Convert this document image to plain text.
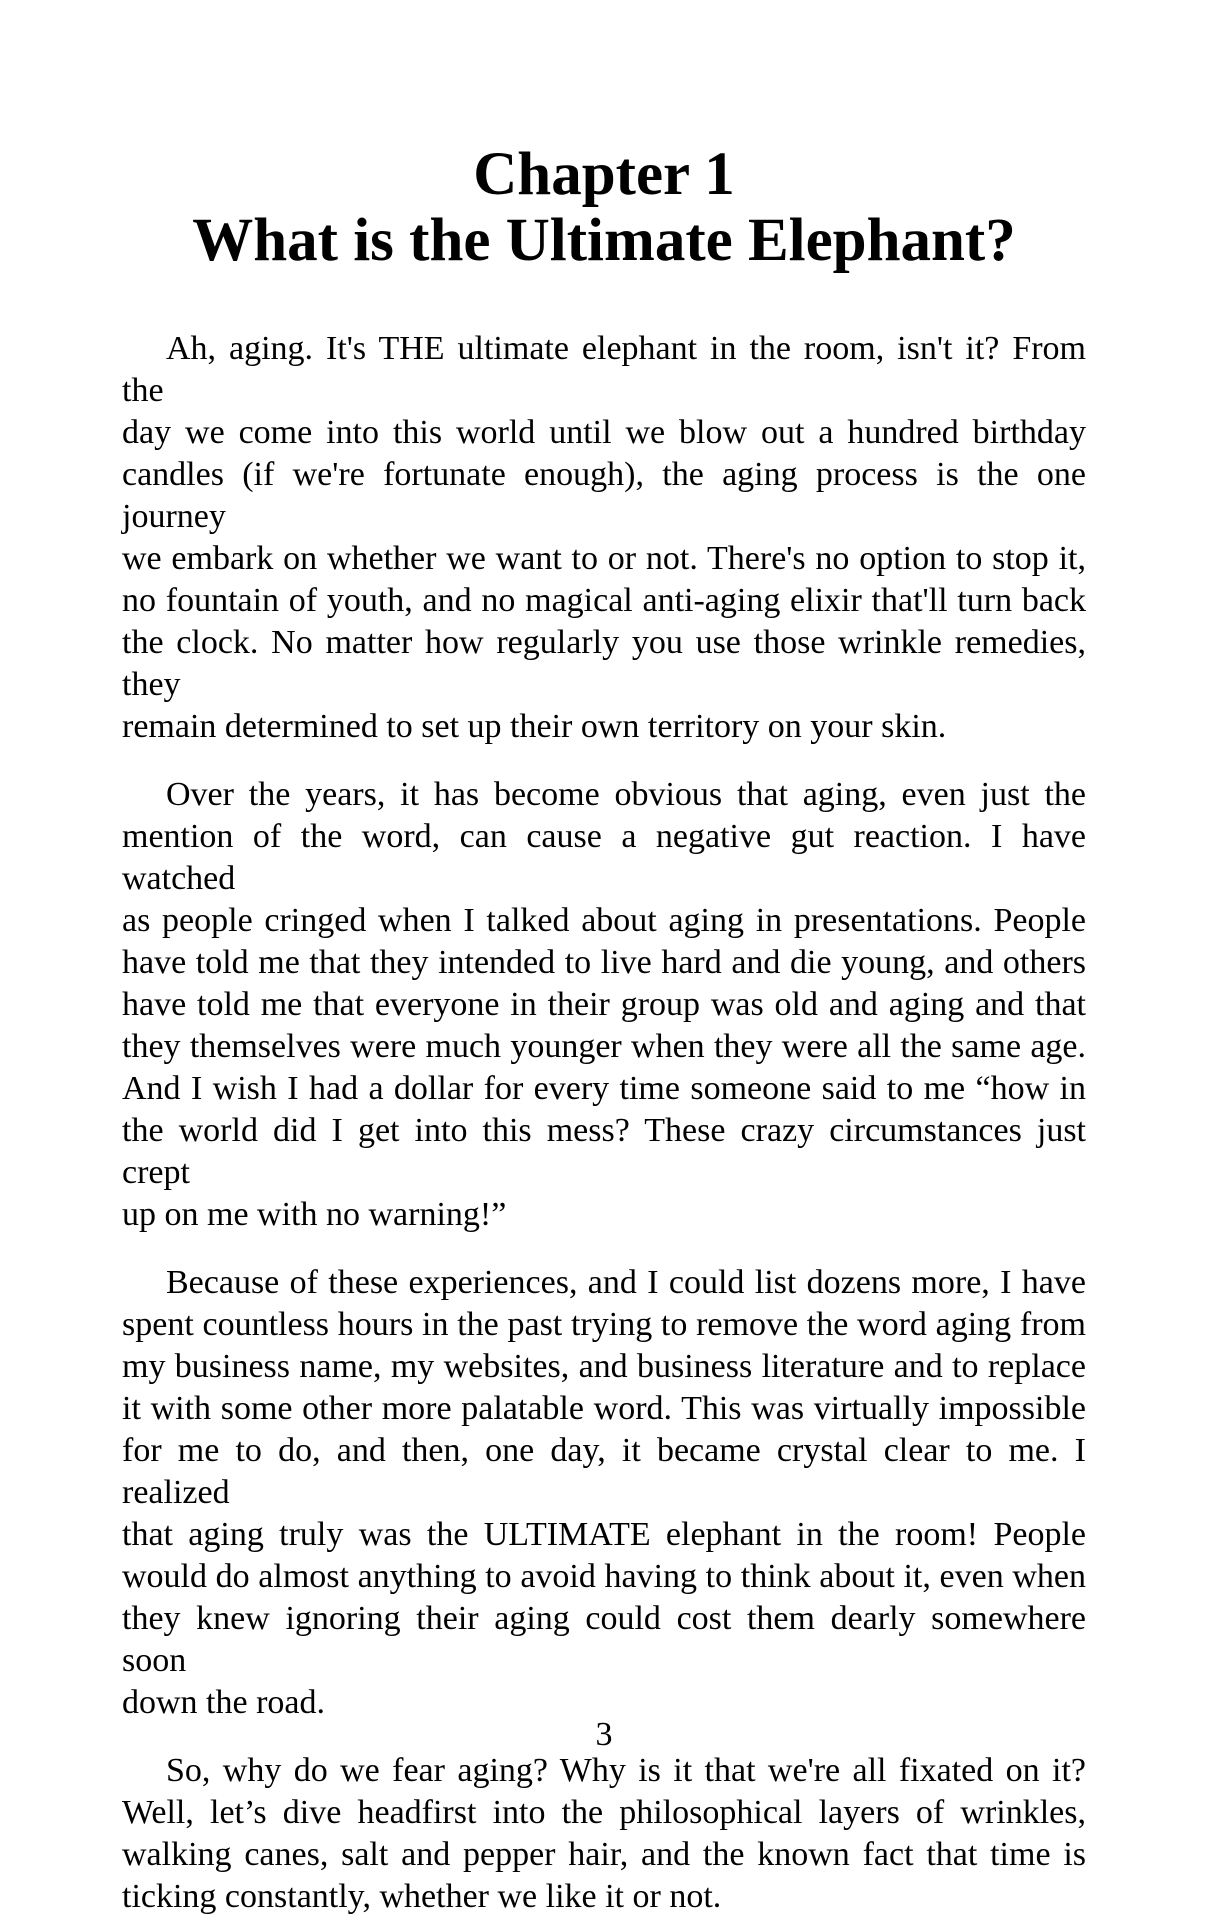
Chapter 1
What is the Ultimate Elephant?
Ah, aging. It's THE ultimate elephant in the room, isn't it? From the
day we come into this world until we blow out a hundred birthday
candles (if we're fortunate enough), the aging process is the one journey
we embark on whether we want to or not. There's no option to stop it,
no fountain of youth, and no magical anti-aging elixir that'll turn back
the clock. No matter how regularly you use those wrinkle remedies, they
remain determined to set up their own territory on your skin.
Over the years, it has become obvious that aging, even just the
mention of the word, can cause a negative gut reaction. I have watched
as people cringed when I talked about aging in presentations. People
have told me that they intended to live hard and die young, and others
have told me that everyone in their group was old and aging and that
they themselves were much younger when they were all the same age.
And I wish I had a dollar for every time someone said to me “how in
the world did I get into this mess? These crazy circumstances just crept
up on me with no warning!”
Because of these experiences, and I could list dozens more, I have
spent countless hours in the past trying to remove the word aging from
my business name, my websites, and business literature and to replace
it with some other more palatable word. This was virtually impossible
for me to do, and then, one day, it became crystal clear to me. I realized
that aging truly was the ULTIMATE elephant in the room! People
would do almost anything to avoid having to think about it, even when
they knew ignoring their aging could cost them dearly somewhere soon
down the road.
So, why do we fear aging? Why is it that we're all fixated on it?
Well, let’s dive headfirst into the philosophical layers of wrinkles,
walking canes, salt and pepper hair, and the known fact that time is
ticking constantly, whether we like it or not.
3
